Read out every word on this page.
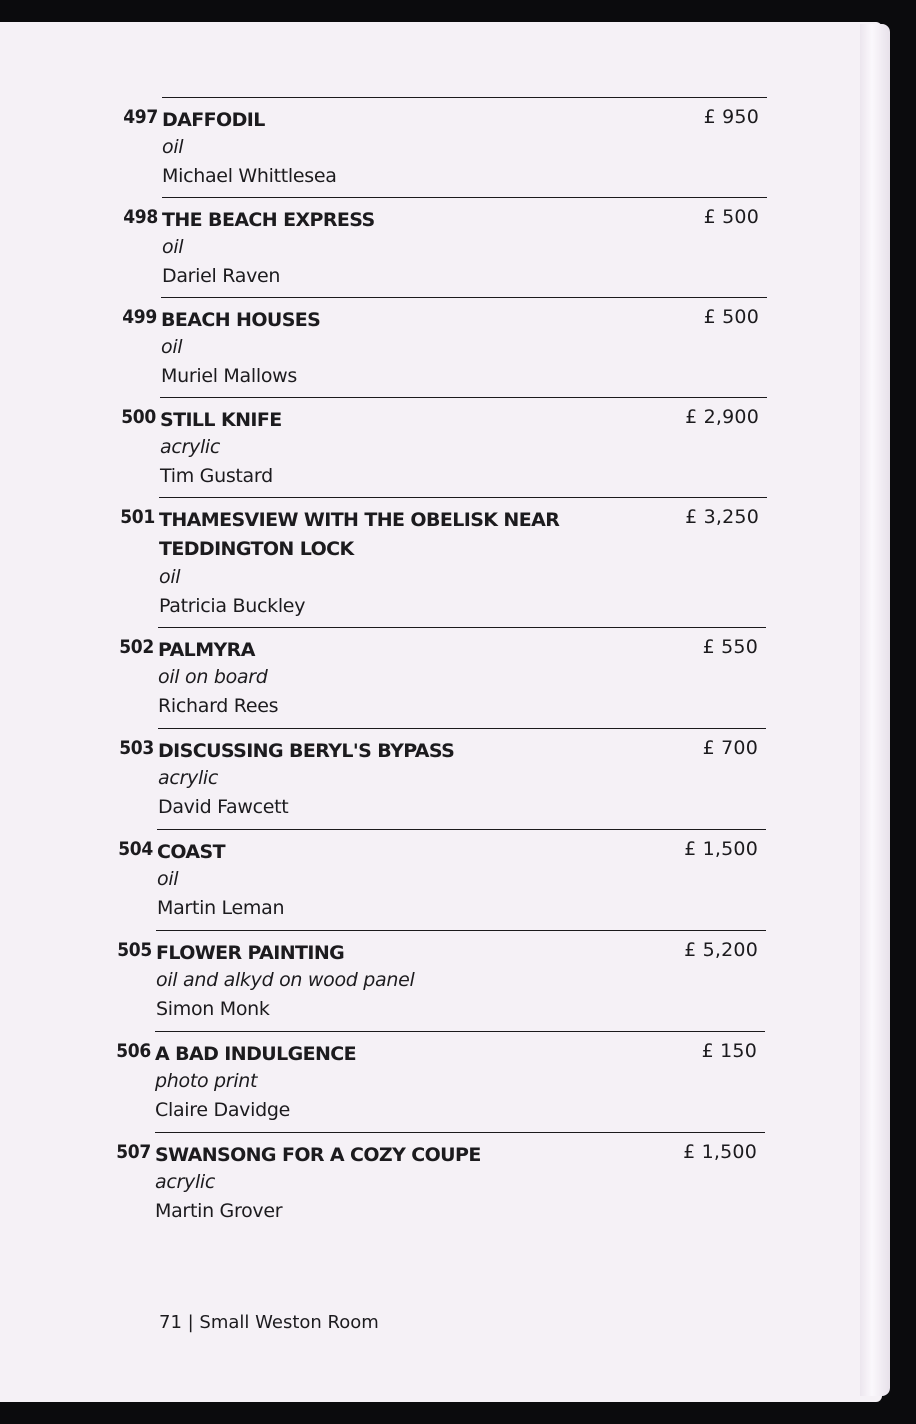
497 DAFFODIL
oil
Michael Whittlesea
£ 950
498 THE BEACH EXPRESS
oil
Dariel Raven
£ 500
499 BEACH HOUSES
oil
Muriel Mallows
£ 500
500 STILL KNIFE
acrylic
Tim Gustard
£ 2,900
501 THAMESVIEW WITH THE OBELISK NEAR
TEDDINGTON LOCK
oil
Patricia Buckley
£ 3,250
502 PALMYRA
oil on board
Richard Rees
£ 550
503 DISCUSSING BERYL'S BYPASS
acrylic
David Fawcett
£ 700
504 COAST
oil
Martin Leman
£ 1,500
505 FLOWER PAINTING
oil and alkyd on wood panel
Simon Monk
£ 5,200
506 A BAD INDULGENCE
photo print
Claire Davidge
£ 150
507 SWANSONG FOR A COZY COUPE
acrylic
Martin Grover
£ 1,500
71 | Small Weston Room
